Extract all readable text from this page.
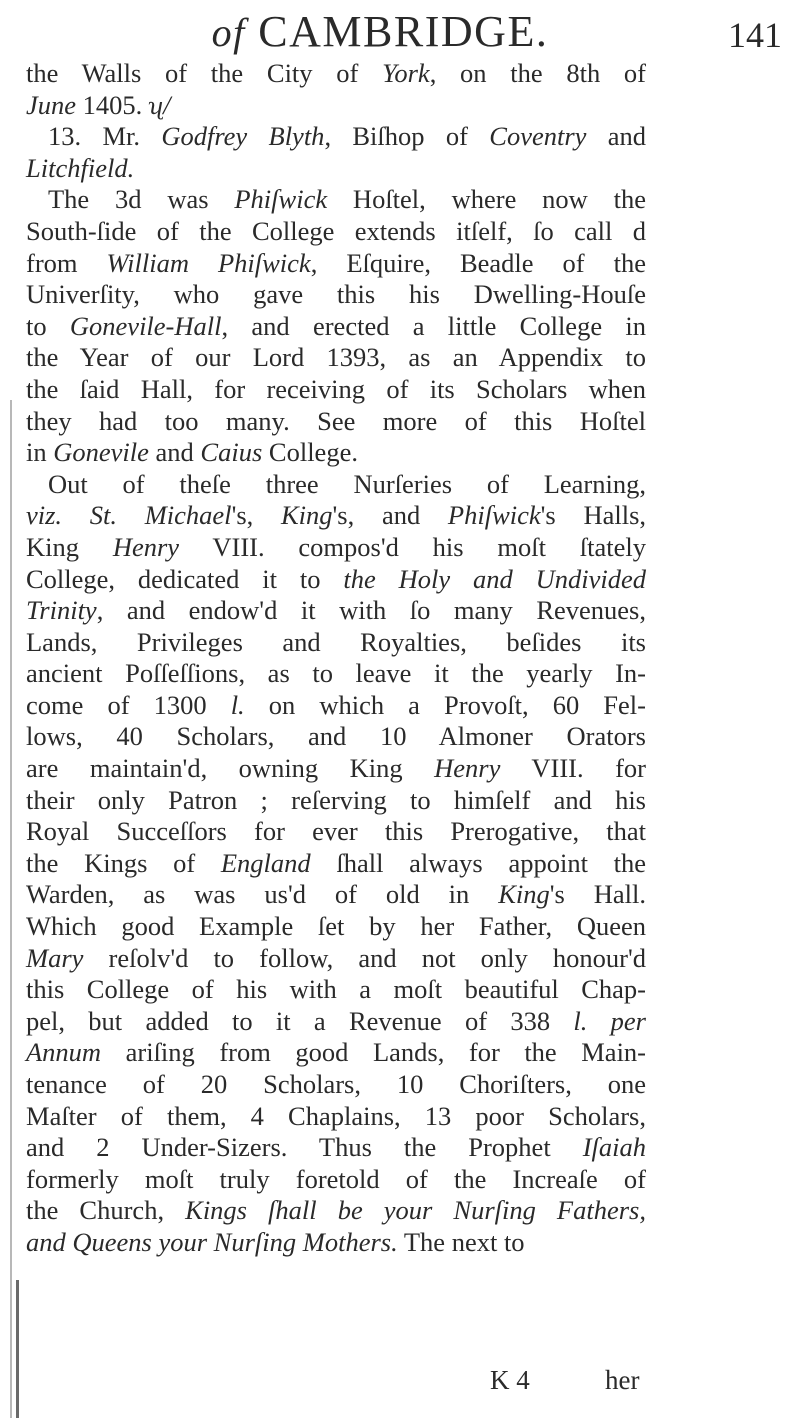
of CAMBRIDGE.	141
the Walls of the City of York, on the 8th of
June 1405. ʯ/
13. Mr. Godfrey Blyth, Biſhop of Coventry and
Litchfield.
The 3d was Phiſwick Hoſtel, where now the
South-ſide of the College extends itſelf, ſo call d
from William Phiſwick, Eſquire, Beadle of the
Univerſity, who gave this his Dwelling-Houſe
to Gonevile-Hall, and erected a little College in
the Year of our Lord 1393, as an Appendix to
the ſaid Hall, for receiving of its Scholars when
they had too many. See more of this Hoſtel
in Gonevile and Caius College.
Out of theſe three Nurſeries of Learning,
viz. St. Michael's, King's, and Phiſwick's Halls,
King Henry VIII. compos'd his moſt ſtately
College, dedicated it to the Holy and Undivided
Trinity, and endow'd it with ſo many Revenues,
Lands, Privileges and Royalties, beſides its
ancient Poſſeſſions, as to leave it the yearly In-
come of 1300 l. on which a Provoſt, 60 Fel-
lows, 40 Scholars, and 10 Almoner Orators
are maintain'd, owning King Henry VIII. for
their only Patron ; reſerving to himſelf and his
Royal Succeſſors for ever this Prerogative, that
the Kings of England ſhall always appoint the
Warden, as was us'd of old in King's Hall.
Which good Example ſet by her Father, Queen
Mary reſolv'd to follow, and not only honour'd
this College of his with a moſt beautiful Chap-
pel, but added to it a Revenue of 338 l. per
Annum ariſing from good Lands, for the Main-
tenance of 20 Scholars, 10 Choriſters, one
Maſter of them, 4 Chaplains, 13 poor Scholars,
and 2 Under-Sizers. Thus the Prophet Iſaiah
formerly moſt truly foretold of the Increaſe of
the Church, Kings ſhall be your Nurſing Fathers,
and Queens your Nurſing Mothers. The next to
K 4	her
